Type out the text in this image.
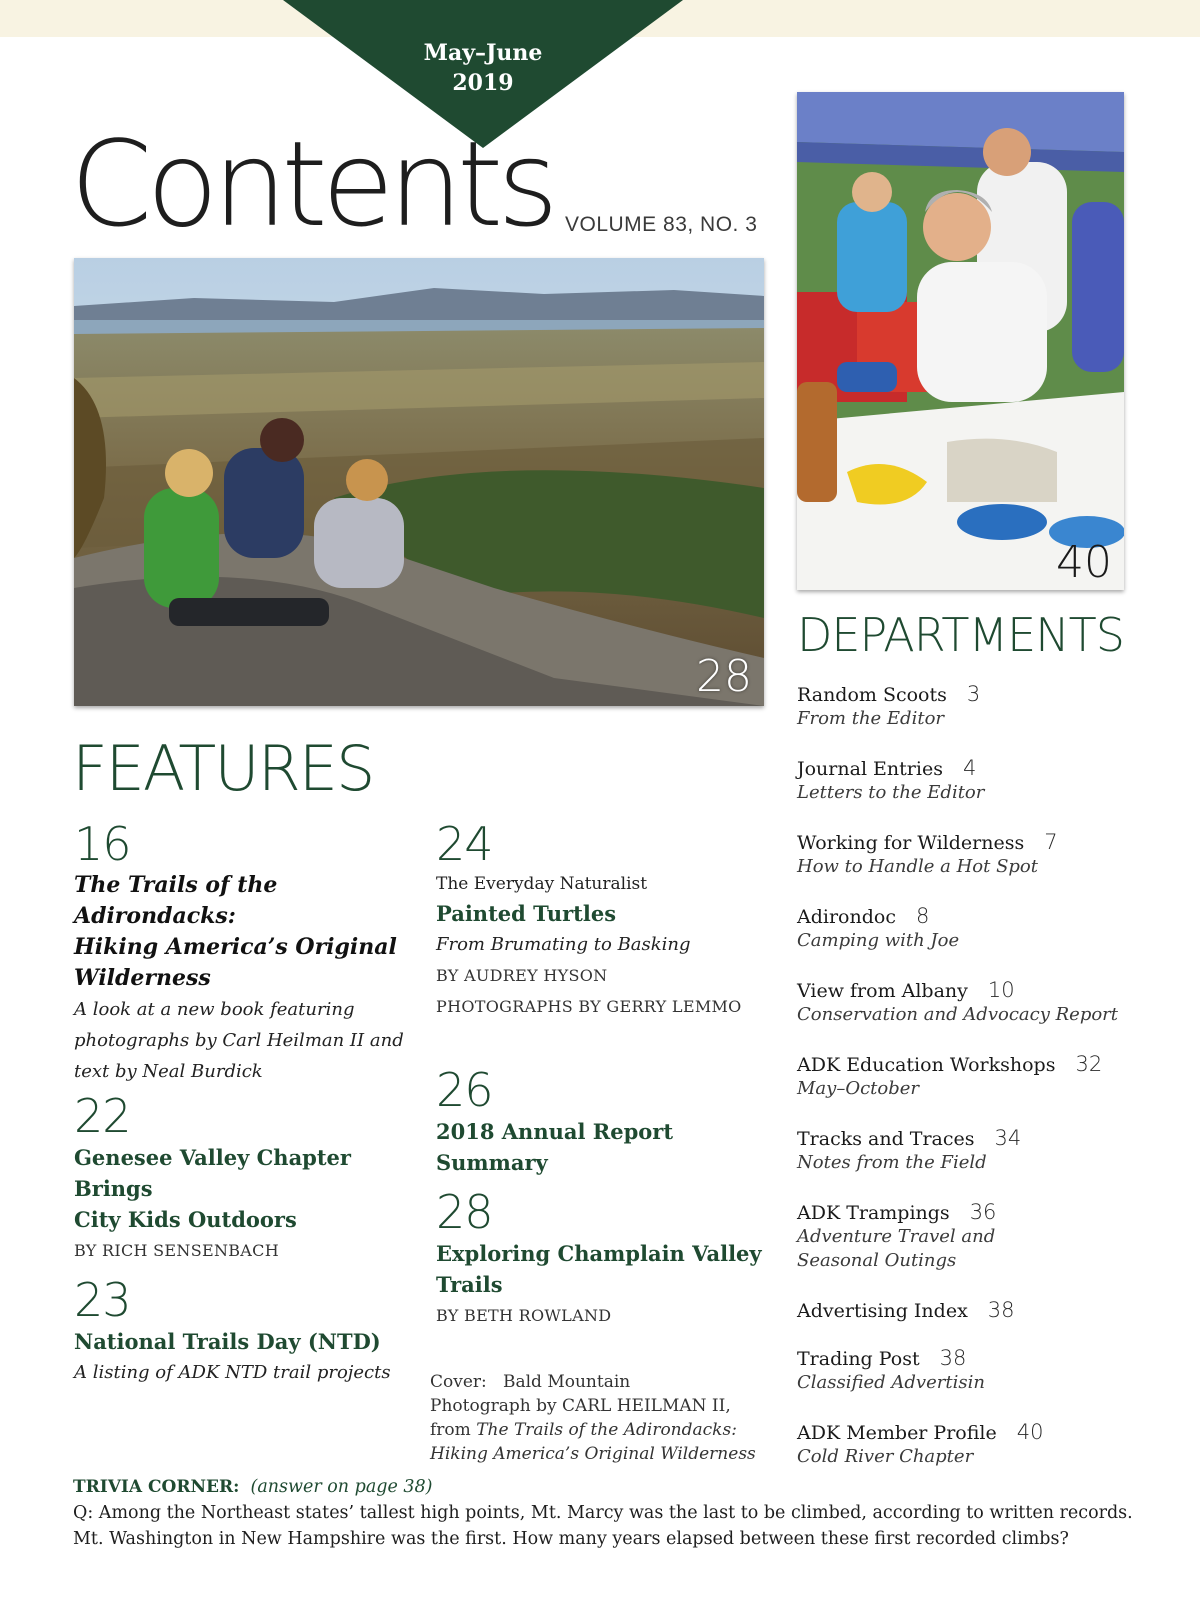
May–June
2019
Contents VOLUME 83, NO. 3
28
40
FEATURES
DEPARTMENTS
16
The Trails of the Adirondacks:
Hiking America’s Original
Wilderness
A look at a new book featuring
photographs by Carl Heilman II and
text by Neal Burdick
22
Genesee Valley Chapter Brings
City Kids Outdoors
BY RICH SENSENBACH
23
National Trails Day (NTD)
A listing of ADK NTD trail projects
24
The Everyday Naturalist
Painted Turtles
From Brumating to Basking
BY AUDREY HYSON
PHOTOGRAPHS BY GERRY LEMMO
26
2018 Annual Report Summary
28
Exploring Champlain Valley
Trails
BY BETH ROWLAND
Cover: Bald Mountain
Photograph by CARL HEILMAN II,
from The Trails of the Adirondacks:
Hiking America’s Original Wilderness
Random Scoots 3
From the Editor
Journal Entries 4
Letters to the Editor
Working for Wilderness 7
How to Handle a Hot Spot
Adirondoc 8
Camping with Joe
View from Albany 10
Conservation and Advocacy Report
ADK Education Workshops 32
May–October
Tracks and Traces 34
Notes from the Field
ADK Trampings 36
Adventure Travel and
Seasonal Outings
Advertising Index 38
Trading Post 38
Classified Advertisin
ADK Member Profile 40
Cold River Chapter
TRIVIA CORNER: (answer on page 38)
Q: Among the Northeast states’ tallest high points, Mt. Marcy was the last to be climbed, according to written records.
Mt. Washington in New Hampshire was the first. How many years elapsed between these first recorded climbs?
